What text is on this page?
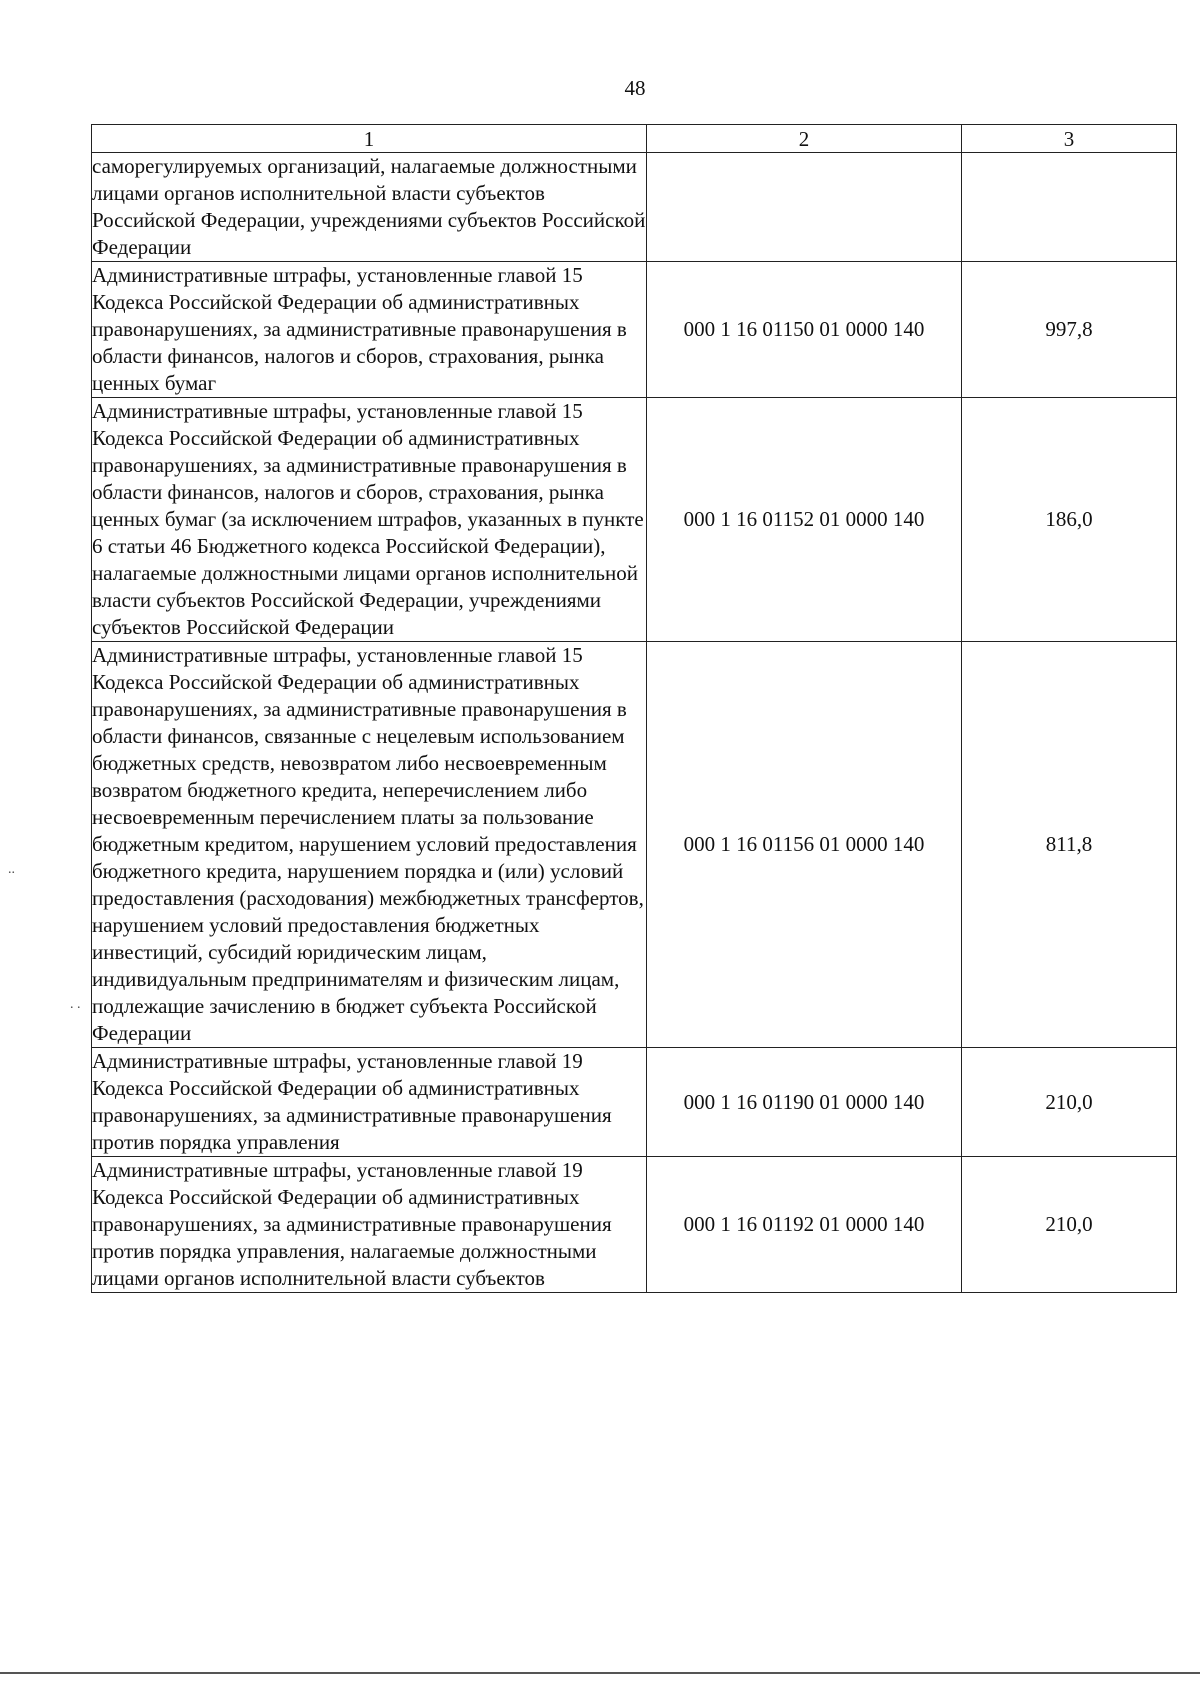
48
1	2	3
саморегулируемых организаций, налагаемые должностными лицами органов исполнительной власти субъектов Российской Федерации, учреждениями субъектов Российской Федерации		
Административные штрафы, установленные главой 15 Кодекса Российской Федерации об административных правонарушениях, за административные правонарушения в области финансов, налогов и сборов, страхования, рынка ценных бумаг	000 1 16 01150 01 0000 140	997,8
Административные штрафы, установленные главой 15 Кодекса Российской Федерации об административных правонарушениях, за административные правонарушения в области финансов, налогов и сборов, страхования, рынка ценных бумаг (за исключением штрафов, указанных в пункте 6 статьи 46 Бюджетного кодекса Российской Федерации), налагаемые должностными лицами органов исполнительной власти субъектов Российской Федерации, учреждениями субъектов Российской Федерации	000 1 16 01152 01 0000 140	186,0
Административные штрафы, установленные главой 15 Кодекса Российской Федерации об административных правонарушениях, за административные правонарушения в области финансов, связанные с нецелевым использованием бюджетных средств, невозвратом либо несвоевременным возвратом бюджетного кредита, неперечислением либо несвоевременным перечислением платы за пользование бюджетным кредитом, нарушением условий предоставления бюджетного кредита, нарушением порядка и (или) условий предоставления (расходования) межбюджетных трансфертов, нарушением условий предоставления бюджетных инвестиций, субсидий юридическим лицам, индивидуальным предпринимателям и физическим лицам, подлежащие зачислению в бюджет субъекта Российской Федерации	000 1 16 01156 01 0000 140	811,8
Административные штрафы, установленные главой 19 Кодекса Российской Федерации об административных правонарушениях, за административные правонарушения против порядка управления	000 1 16 01190 01 0000 140	210,0
Административные штрафы, установленные главой 19 Кодекса Российской Федерации об административных правонарушениях, за административные правонарушения против порядка управления, налагаемые должностными лицами органов исполнительной власти субъектов	000 1 16 01192 01 0000 140	210,0
..
. .
